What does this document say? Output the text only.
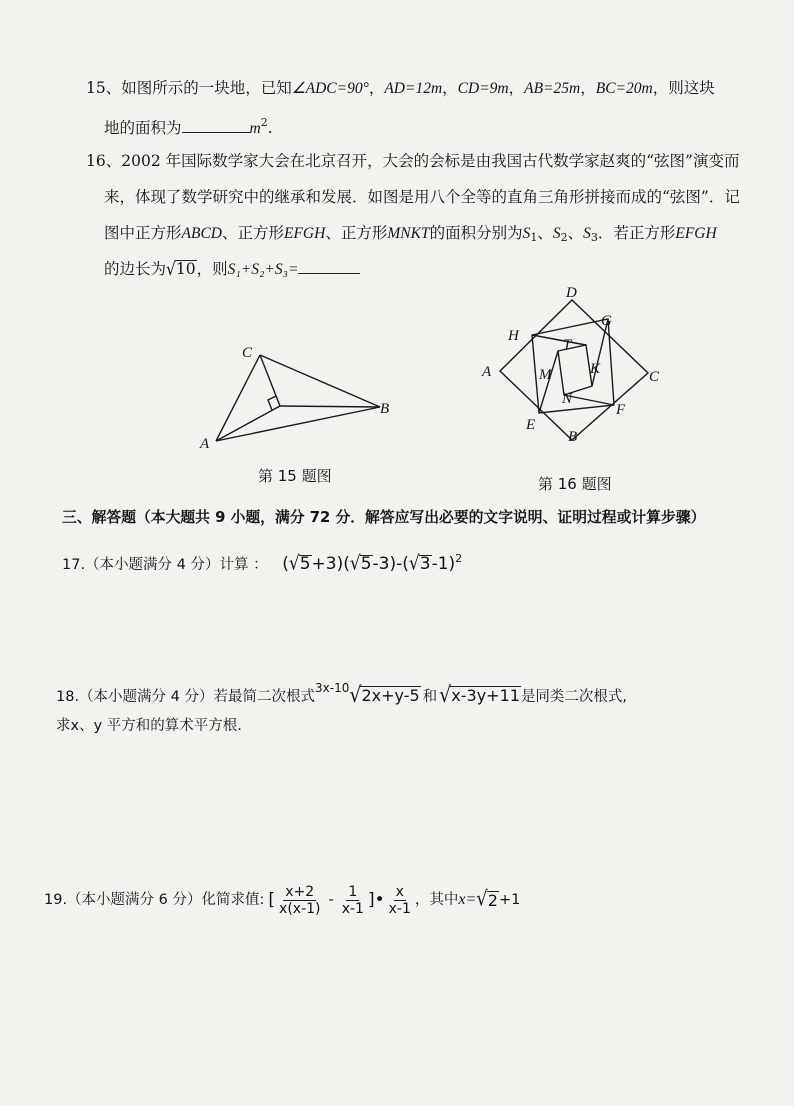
15、如图所示的一块地，已知∠ADC=90°，AD=12m，CD=9m，AB=25m，BC=20m，则这块
地的面积为	$m^2$.
16、2002 年国际数学家大会在北京召开，大会的会标是由我国古代数学家赵爽的“弦图”演变而
来，体现了数学研究中的继承和发展．如图是用八个全等的直角三角形拼接而成的“弦图”．记
图中正方形ABCD、正方形EFGH、正方形MNKT的面积分别为$S_1$、$S_2$、$S_3$．若正方形EFGH
的边长为√10，则S₁+S₂+S₃=
C
A
B
第 15 题图
D
H
G
A	C
T
K
M
N
F
E
B
第 16 题图
三、解答题（本大题共 9 小题，满分 72 分．解答应写出必要的文字说明、证明过程或计算步骤）
17.（本小题满分 4 分）计算 ： $(√5+3)(√5-3)-(√3-1)^2$
18.（本小题满分 4 分）若最简二次根式$^{3x-10}$√2x+y-5 和 √x-3y+11是同类二次根式,
求x、y 平方和的算术平方根.
19.（本小题满分 6 分）化简求值: [ $\frac{x+2}{x(x-1)} - \frac{1}{x-1}$ ]• $\frac{x}{x-1}$ ，其中 x= √ 2 +1
